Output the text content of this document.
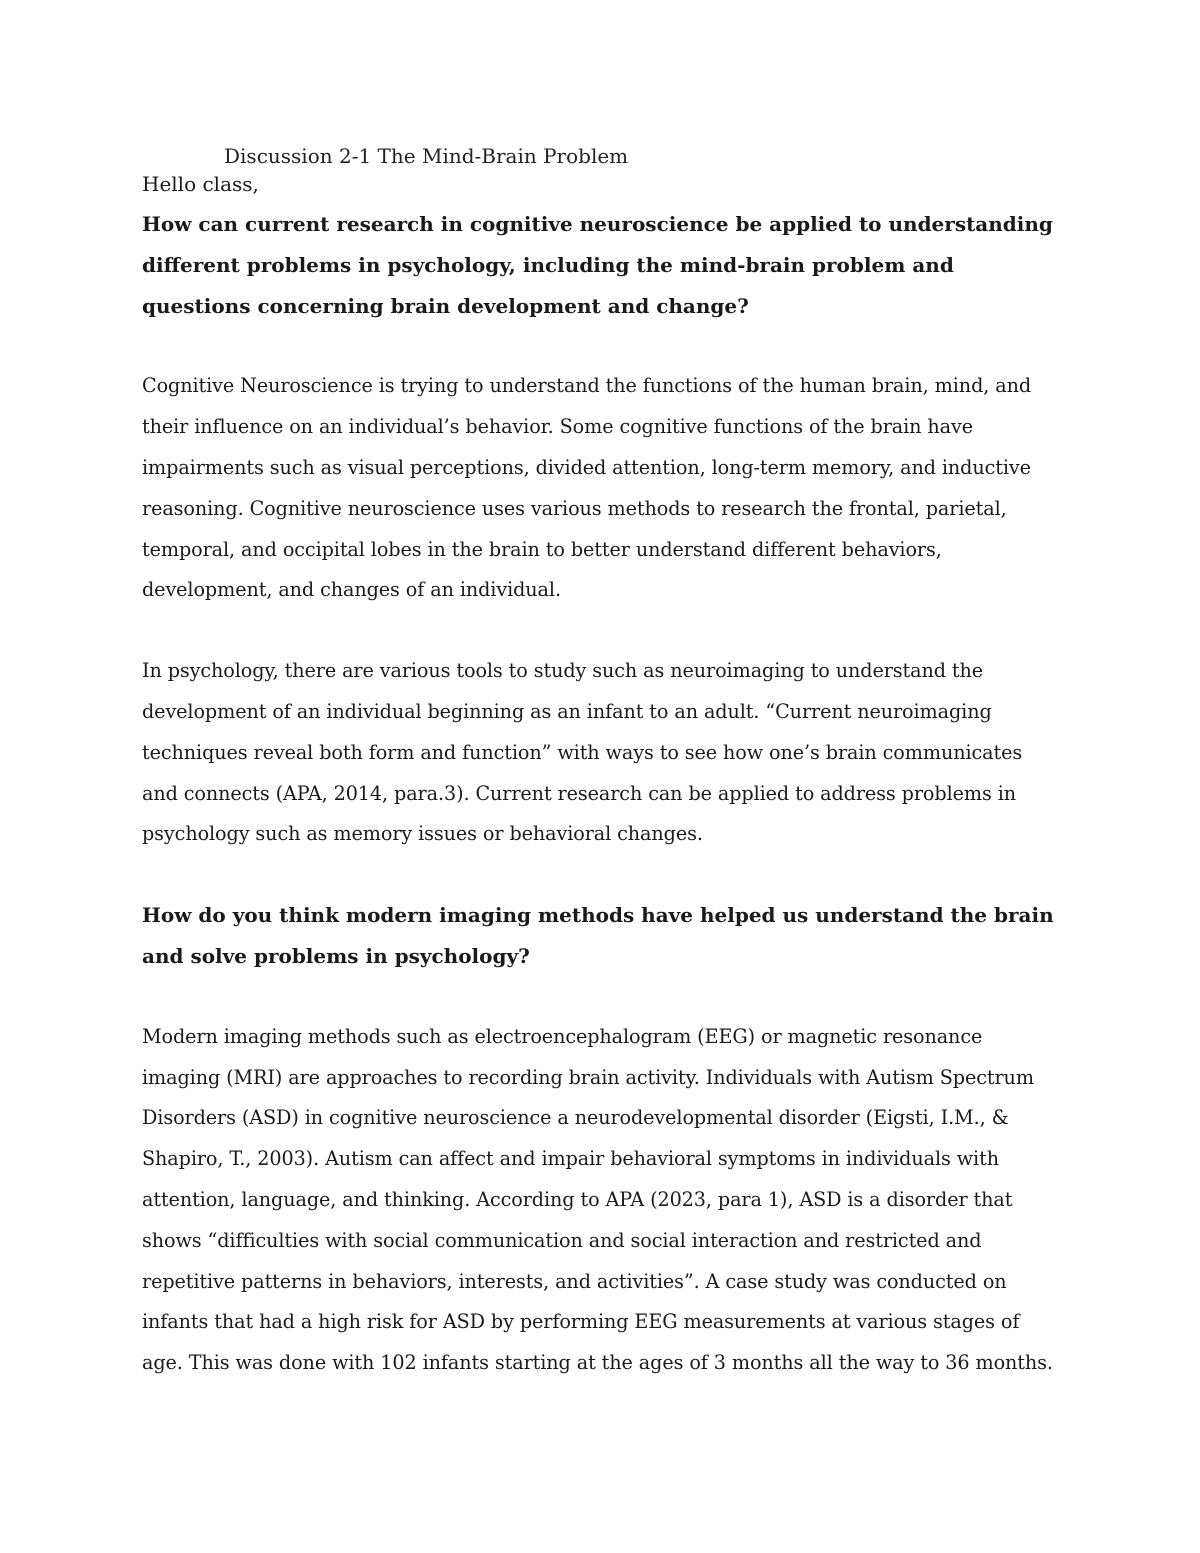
Discussion 2-1 The Mind-Brain Problem

Hello class,

How can current research in cognitive neuroscience be applied to understanding different problems in psychology, including the mind-brain problem and questions concerning brain development and change?

Cognitive Neuroscience is trying to understand the functions of the human brain, mind, and their influence on an individual’s behavior. Some cognitive functions of the brain have impairments such as visual perceptions, divided attention, long-term memory, and inductive reasoning. Cognitive neuroscience uses various methods to research the frontal, parietal, temporal, and occipital lobes in the brain to better understand different behaviors, development, and changes of an individual.

In psychology, there are various tools to study such as neuroimaging to understand the development of an individual beginning as an infant to an adult. “Current neuroimaging techniques reveal both form and function” with ways to see how one’s brain communicates and connects (APA, 2014, para.3). Current research can be applied to address problems in psychology such as memory issues or behavioral changes.

How do you think modern imaging methods have helped us understand the brain and solve problems in psychology?

Modern imaging methods such as electroencephalogram (EEG) or magnetic resonance imaging (MRI) are approaches to recording brain activity. Individuals with Autism Spectrum Disorders (ASD) in cognitive neuroscience a neurodevelopmental disorder (Eigsti, I.M., & Shapiro, T., 2003). Autism can affect and impair behavioral symptoms in individuals with attention, language, and thinking. According to APA (2023, para 1), ASD is a disorder that shows “difficulties with social communication and social interaction and restricted and repetitive patterns in behaviors, interests, and activities”. A case study was conducted on infants that had a high risk for ASD by performing EEG measurements at various stages of age. This was done with 102 infants starting at the ages of 3 months all the way to 36 months.
